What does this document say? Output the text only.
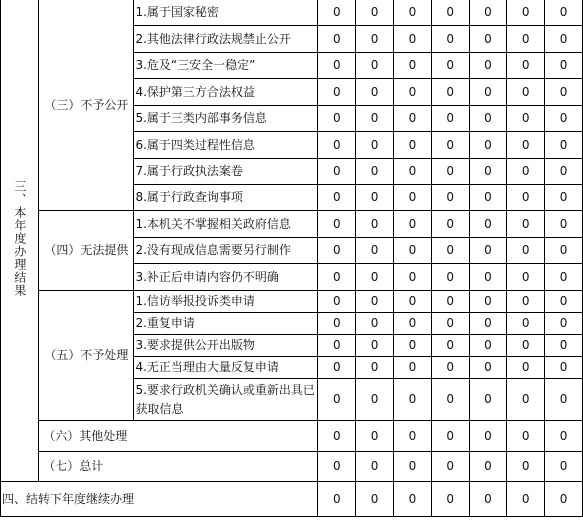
三、本年度办理结果	（三）不予公开	1.属于国家秘密	0	0	0	0	0	0	0
		2.其他法律行政法规禁止公开	0	0	0	0	0	0	0
		3.危及“三安全一稳定”	0	0	0	0	0	0	0
		4.保护第三方合法权益	0	0	0	0	0	0	0
		5.属于三类内部事务信息	0	0	0	0	0	0	0
		6.属于四类过程性信息	0	0	0	0	0	0	0
		7.属于行政执法案卷	0	0	0	0	0	0	0
		8.属于行政查询事项	0	0	0	0	0	0	0
	（四）无法提供	1.本机关不掌握相关政府信息	0	0	0	0	0	0	0
		2.没有现成信息需要另行制作	0	0	0	0	0	0	0
		3.补正后申请内容仍不明确	0	0	0	0	0	0	0
	（五）不予处理	1.信访举报投诉类申请	0	0	0	0	0	0	0
		2.重复申请	0	0	0	0	0	0	0
		3.要求提供公开出版物	0	0	0	0	0	0	0
		4.无正当理由大量反复申请	0	0	0	0	0	0	0
		5.要求行政机关确认或重新出具已获取信息	0	0	0	0	0	0	0
	（六）其他处理		0	0	0	0	0	0	0
	（七）总计		0	0	0	0	0	0	0
四、结转下年度继续办理			0	0	0	0	0	0	0
